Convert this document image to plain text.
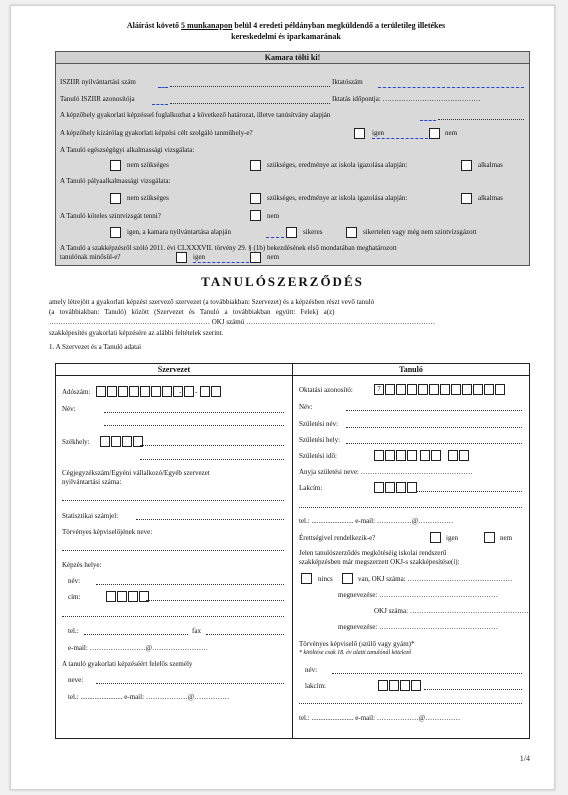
Aláírást követő 5 munkanapon belül 4 eredeti példányban megküldendő a területileg illetékes
kereskedelmi és iparkamarának
Kamara tölti ki!
ISZIIR nyilvántartási szám	Iktatószám
Tanuló ISZIIR azonosítója	Iktatás időpontja: ……………………………………
A képzőhely gyakorlati képzéssel foglalkozhat a következő határozat, illetve tanúsítvány alapján
A képzőhely kizárólag gyakorlati képzési célt szolgáló tanműhely-e?	igen	nem
A Tanuló egészségügyi alkalmassági vizsgálata:
nem szükséges	szükséges, eredménye az iskola igazolása alapján:	alkalmas
A Tanuló pályaalkalmassági vizsgálata:
nem szükséges	szükséges, eredménye az iskola igazolása alapján:	alkalmas
A Tanuló köteles szintvizsgát tenni?	nem
igen, a kamara nyilvántartása alapján	sikeres	sikertelen vagy még nem szintvizsgázott
A Tanuló a szakképzésről szóló 2011. évi CLXXXVII. törvény 29. § (1b) bekezdésének első mondatában meghatározott
tanulónak minősül-e?	igen	nem
TANULÓSZERZŐDÉS
amely létrejött a gyakorlati képzést szervező szervezet (a továbbiakban: Szervezet) és a képzésben részt vevő tanuló
(a   továbbiakban:   Tanuló)   között   (Szervezet   és   Tanuló   a   továbbiakban   együtt:   Felek)   a(z)
…………………………………………………………… OKJ számú ………………………………………………………………………
szakképesítés gyakorlati képzésére az alábbi feltételek szerint.
1. A Szervezet és a Tanuló adatai
Szervezet	Tanuló
Adószám:	- -
Név:
Székhely:
Cégjegyzékszám/Egyéni vállalkozó/Egyéb szervezet
nyilvántartási száma:
Statisztikai számjel:
Törvényes képviselőjének neve:
Képzés helye:
név:
cím:
tel.:	fax
e-mail: ……………………@……………………
A tanuló gyakorlati képzéséért felelős személy
neve:
tel.: ........................ e-mail: ………………@……………
Oktatási azonosító:	7
Név:
Születési név:
Születési hely:
Születési idő:
Anyja születési neve: …………………………………………
Lakcím:
tel.: ........................ e-mail: ……………@……………
Érettségivel rendelkezik-e?	igen	nem
Jelen tanulószerződés megkötéséig iskolai rendszerű
szakképzésben már megszerzett OKJ-s szakképesítése(i):
nincs	van, OKJ száma: ………………………………………
megnevezése: ……………………………………………
OKJ száma: ……………………………………………
megnevezése: ……………………………………………
Törvényes képviselő (szülő vagy gyám)*
* kitöltése csak 18. év alatti tanulónál kötelező
név:
lakcím:
tel.: ........................ e-mail: ………………@……………
1/4
